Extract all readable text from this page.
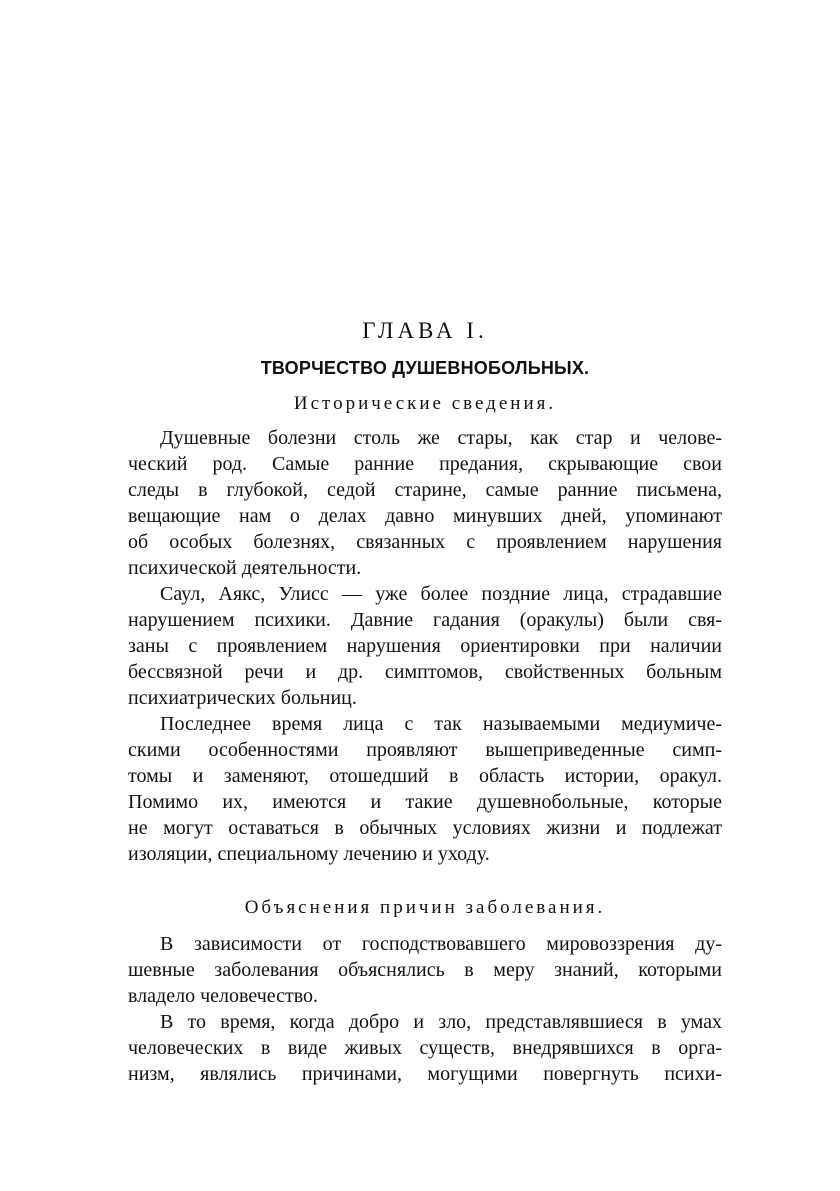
ГЛАВА I.
ТВОРЧЕСТВО ДУШЕВНОБОЛЬНЫХ.
Исторические сведения.
Душевные болезни столь же стары, как стар и челове-
ческий род. Самые ранние предания, скрывающие свои
следы в глубокой, седой старине, самые ранние письмена,
вещающие нам о делах давно минувших дней, упоминают
об особых болезнях, связанных с проявлением нарушения
психической деятельности.
Саул, Аякс, Улисс — уже более поздние лица, страдавшие
нарушением психики. Давние гадания (оракулы) были свя-
заны с проявлением нарушения ориентировки при наличии
бессвязной речи и др. симптомов, свойственных больным
психиатрических больниц.
Последнее время лица с так называемыми медиумиче-
скими особенностями проявляют вышеприведенные симп-
томы и заменяют, отошедший в область истории, оракул.
Помимо их, имеются и такие душевнобольные, которые
не могут оставаться в обычных условиях жизни и подлежат
изоляции, специальному лечению и уходу.
Объяснения причин заболевания.
В зависимости от господствовавшего мировоззрения ду-
шевные заболевания объяснялись в меру знаний, которыми
владело человечество.
В то время, когда добро и зло, представлявшиеся в умах
человеческих в виде живых существ, внедрявшихся в орга-
низм, являлись причинами, могущими повергнуть психи-
